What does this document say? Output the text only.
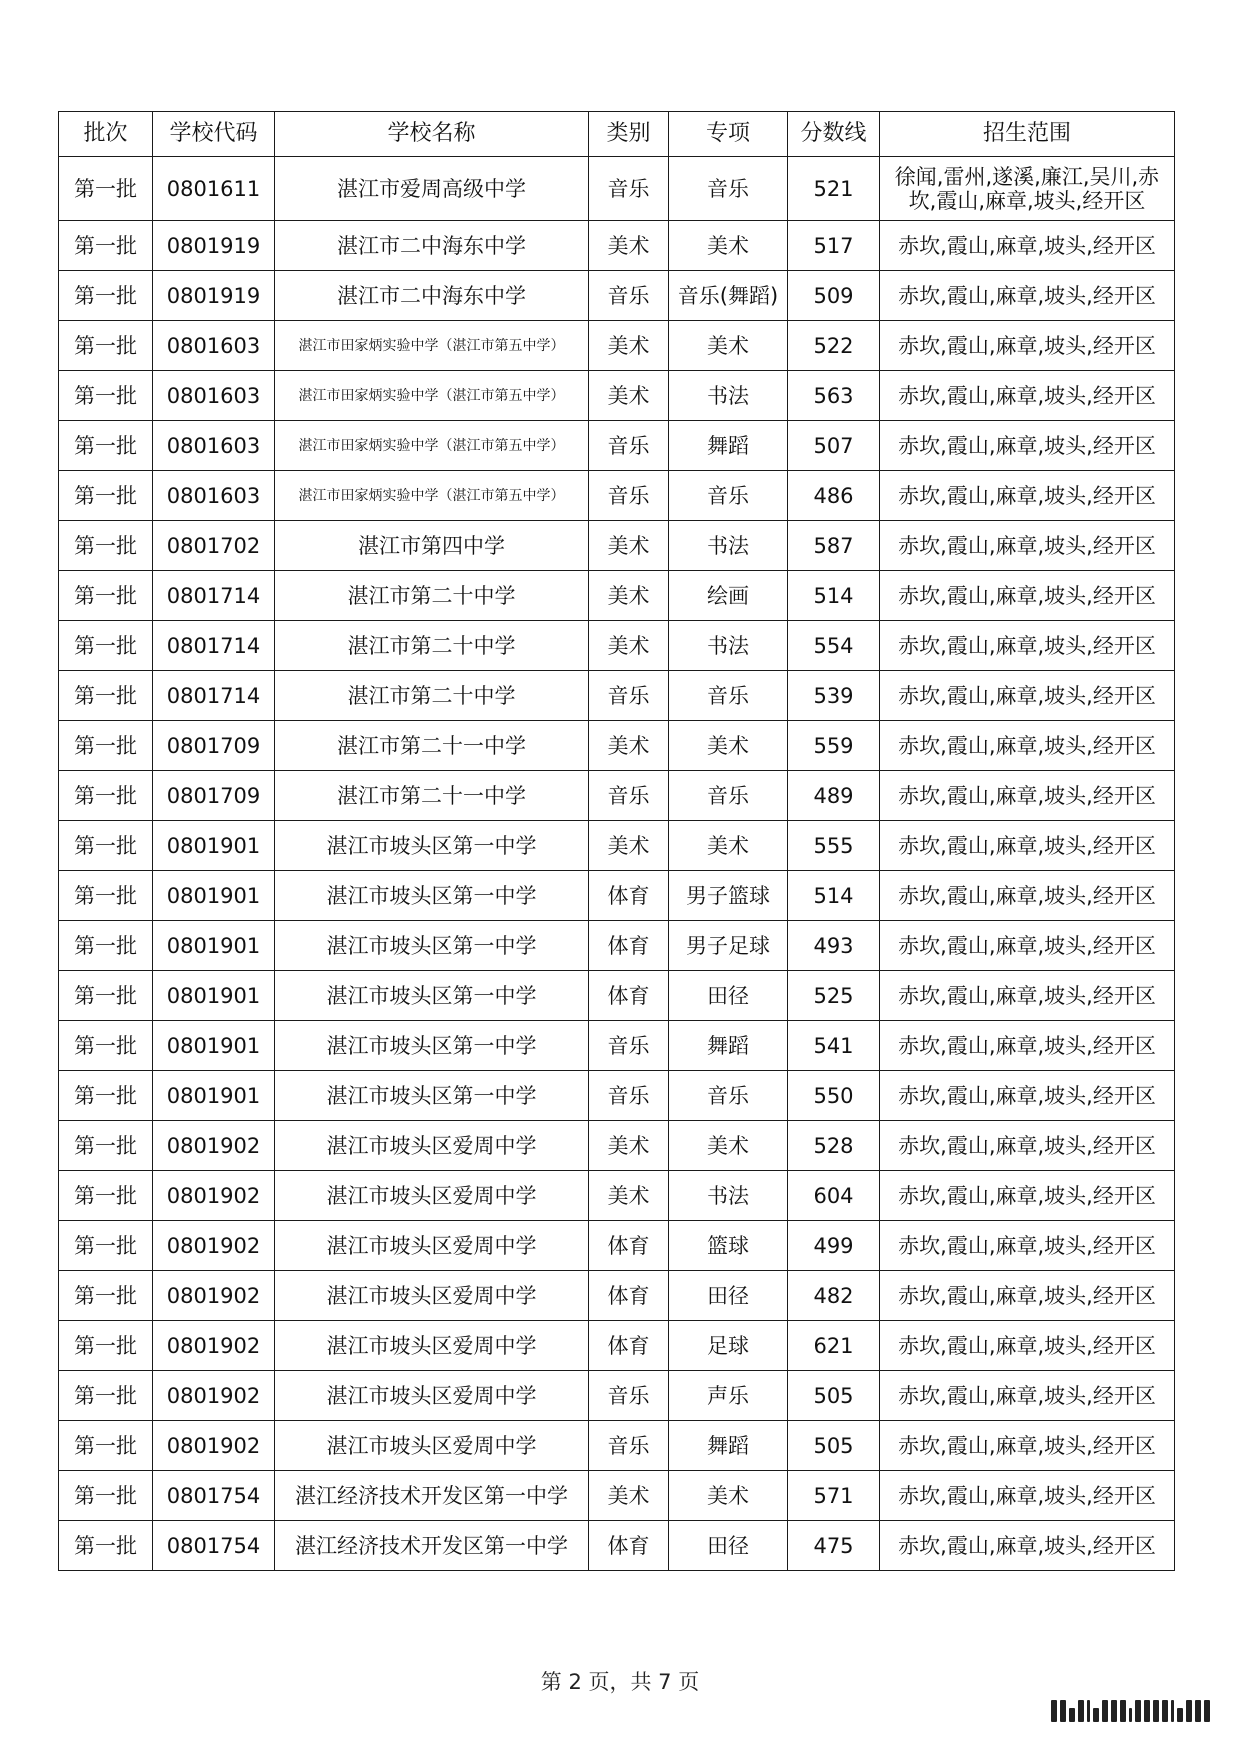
批次	学校代码	学校名称	类别	专项	分数线	招生范围
第一批	0801611	湛江市爱周高级中学	音乐	音乐	521	徐闻,雷州,遂溪,廉江,吴川,赤坎,霞山,麻章,坡头,经开区
第一批	0801919	湛江市二中海东中学	美术	美术	517	赤坎,霞山,麻章,坡头,经开区
第一批	0801919	湛江市二中海东中学	音乐	音乐(舞蹈)	509	赤坎,霞山,麻章,坡头,经开区
第一批	0801603	湛江市田家炳实验中学（湛江市第五中学）	美术	美术	522	赤坎,霞山,麻章,坡头,经开区
第一批	0801603	湛江市田家炳实验中学（湛江市第五中学）	美术	书法	563	赤坎,霞山,麻章,坡头,经开区
第一批	0801603	湛江市田家炳实验中学（湛江市第五中学）	音乐	舞蹈	507	赤坎,霞山,麻章,坡头,经开区
第一批	0801603	湛江市田家炳实验中学（湛江市第五中学）	音乐	音乐	486	赤坎,霞山,麻章,坡头,经开区
第一批	0801702	湛江市第四中学	美术	书法	587	赤坎,霞山,麻章,坡头,经开区
第一批	0801714	湛江市第二十中学	美术	绘画	514	赤坎,霞山,麻章,坡头,经开区
第一批	0801714	湛江市第二十中学	美术	书法	554	赤坎,霞山,麻章,坡头,经开区
第一批	0801714	湛江市第二十中学	音乐	音乐	539	赤坎,霞山,麻章,坡头,经开区
第一批	0801709	湛江市第二十一中学	美术	美术	559	赤坎,霞山,麻章,坡头,经开区
第一批	0801709	湛江市第二十一中学	音乐	音乐	489	赤坎,霞山,麻章,坡头,经开区
第一批	0801901	湛江市坡头区第一中学	美术	美术	555	赤坎,霞山,麻章,坡头,经开区
第一批	0801901	湛江市坡头区第一中学	体育	男子篮球	514	赤坎,霞山,麻章,坡头,经开区
第一批	0801901	湛江市坡头区第一中学	体育	男子足球	493	赤坎,霞山,麻章,坡头,经开区
第一批	0801901	湛江市坡头区第一中学	体育	田径	525	赤坎,霞山,麻章,坡头,经开区
第一批	0801901	湛江市坡头区第一中学	音乐	舞蹈	541	赤坎,霞山,麻章,坡头,经开区
第一批	0801901	湛江市坡头区第一中学	音乐	音乐	550	赤坎,霞山,麻章,坡头,经开区
第一批	0801902	湛江市坡头区爱周中学	美术	美术	528	赤坎,霞山,麻章,坡头,经开区
第一批	0801902	湛江市坡头区爱周中学	美术	书法	604	赤坎,霞山,麻章,坡头,经开区
第一批	0801902	湛江市坡头区爱周中学	体育	篮球	499	赤坎,霞山,麻章,坡头,经开区
第一批	0801902	湛江市坡头区爱周中学	体育	田径	482	赤坎,霞山,麻章,坡头,经开区
第一批	0801902	湛江市坡头区爱周中学	体育	足球	621	赤坎,霞山,麻章,坡头,经开区
第一批	0801902	湛江市坡头区爱周中学	音乐	声乐	505	赤坎,霞山,麻章,坡头,经开区
第一批	0801902	湛江市坡头区爱周中学	音乐	舞蹈	505	赤坎,霞山,麻章,坡头,经开区
第一批	0801754	湛江经济技术开发区第一中学	美术	美术	571	赤坎,霞山,麻章,坡头,经开区
第一批	0801754	湛江经济技术开发区第一中学	体育	田径	475	赤坎,霞山,麻章,坡头,经开区
第 2 页，共 7 页
